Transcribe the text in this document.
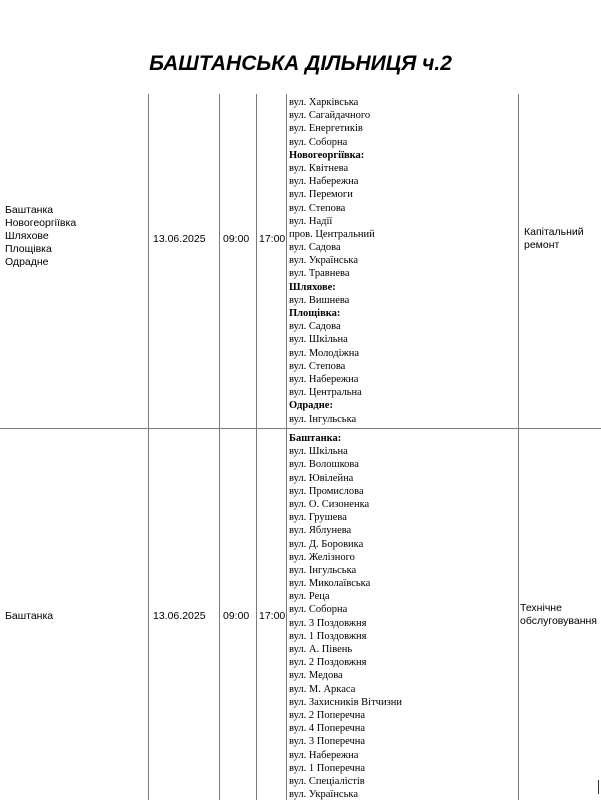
БАШТАНСЬКА ДІЛЬНИЦЯ ч.2
Баштанка
Новогеоргіївка
Шляхове
Площівка
Одрадне
13.06.2025 09:00 17:00
вул. Харківська
вул. Сагайдачного
вул. Енергетиків
вул. Соборна
Новогеоргіївка:
вул. Квітнева
вул. Набережна
вул. Перемоги
вул. Степова
вул. Надії
пров. Центральний
вул. Садова
вул. Українська
вул. Травнева
Шляхове:
вул. Вишнева
Площівка:
вул. Садова
вул. Шкільна
вул. Молодіжна
вул. Степова
вул. Набережна
вул. Центральна
Одрадне:
вул. Інгульська
Капітальний
ремонт
Баштанка	13.06.2025 09:00 17:00
Баштанка:
вул. Шкільна
вул. Волошкова
вул. Ювілейна
вул. Промислова
вул. О. Сизоненка
вул. Грушева
вул. Яблунева
вул. Д. Боровика
вул. Желізного
вул. Інгульська
вул. Миколаївська
вул. Реца
вул. Соборна
вул. 3 Поздовжня
вул. 1 Поздовжня
вул. А. Півень
вул. 2 Поздовжня
вул. Медова
вул. М. Аркаса
вул. Захисників Вітчизни
вул. 2 Поперечна
вул. 4 Поперечна
вул. 3 Поперечна
вул. Набережна
вул. 1 Поперечна
вул. Спеціалістів
вул. Українська
Технічне
обслуговування
